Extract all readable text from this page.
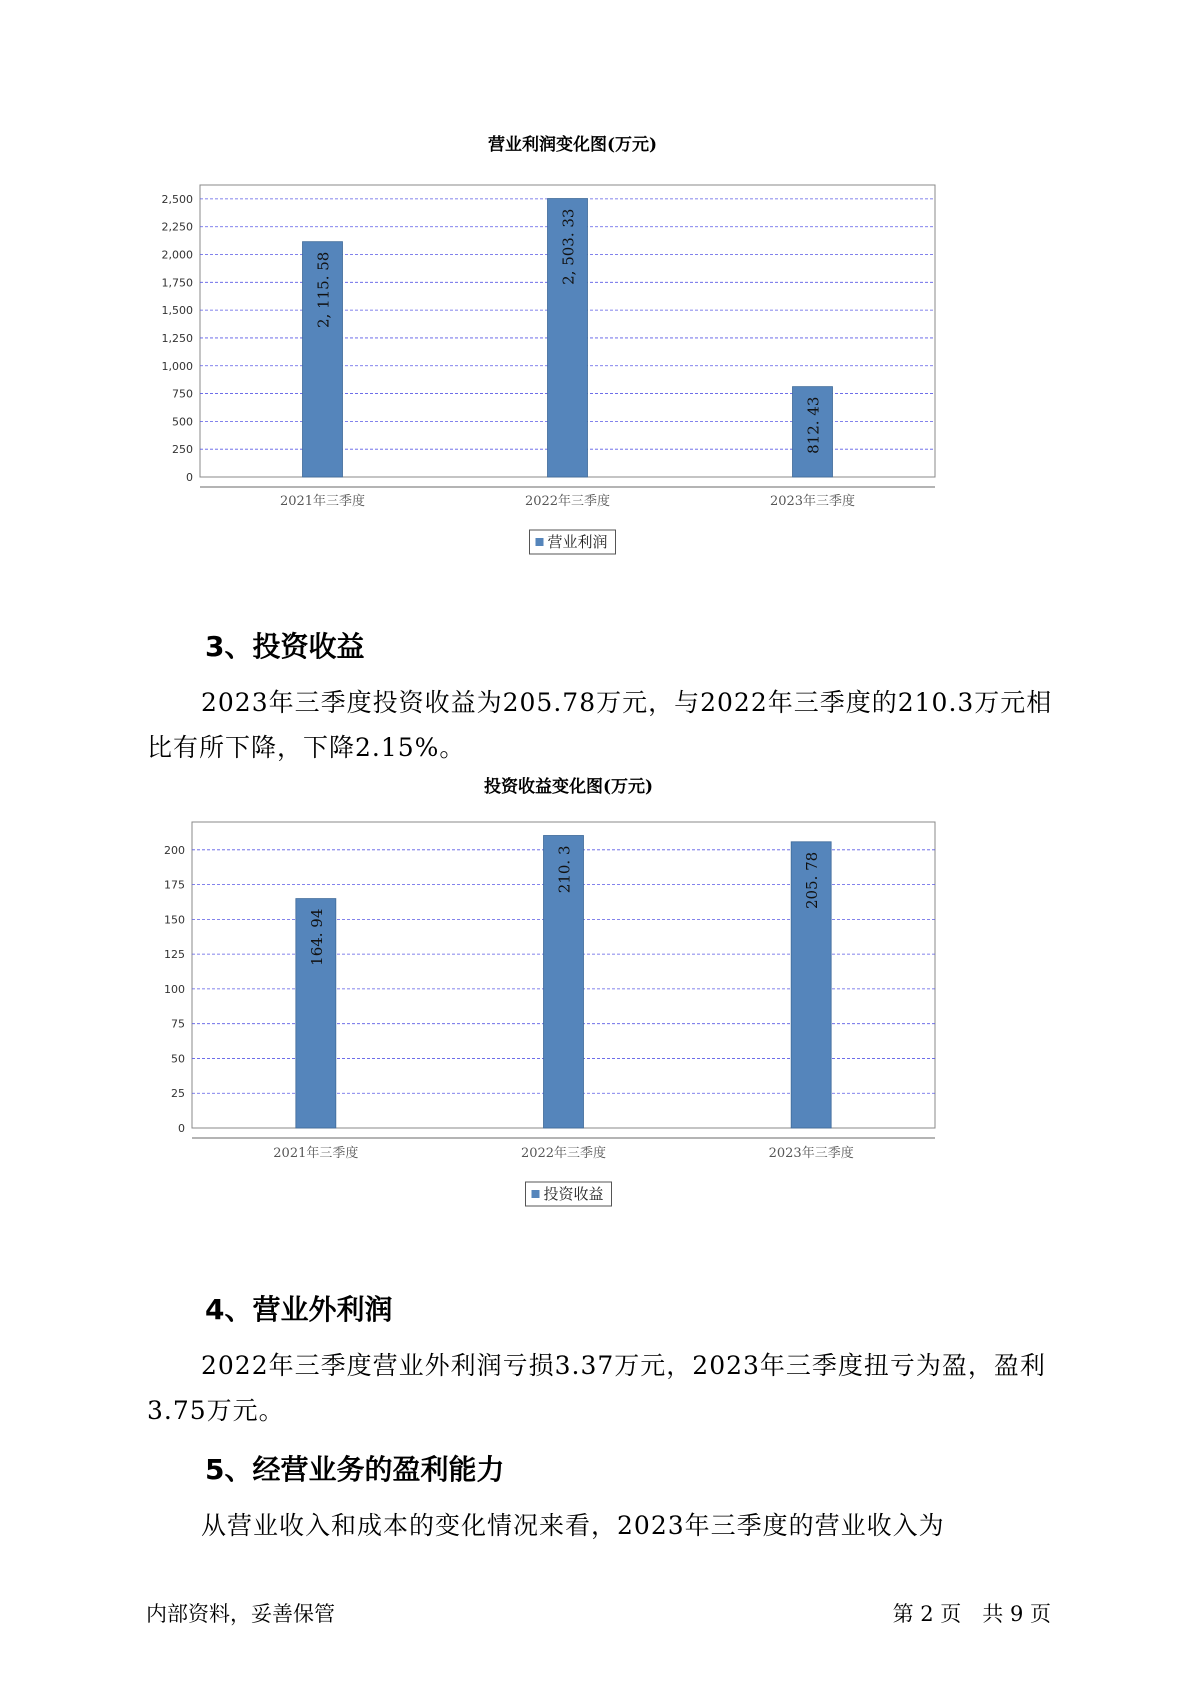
营业利润变化图(万元)
0
250
500
750
1,000
1,250
1,500
1,750
2,000
2,250
2,500
2, 115. 58
2021年三季度
2, 503. 33
2022年三季度
812. 43
2023年三季度
营业利润
3、投资收益

2023年三季度投资收益为205.78万元，与2022年三季度的210.3万元相比有所下降，下降2.15%。

投资收益变化图(万元)
0
25
50
75
100
125
150
175
200
164. 94
2021年三季度
210. 3
2022年三季度
205. 78
2023年三季度
投资收益
4、营业外利润

2022年三季度营业外利润亏损3.37万元，2023年三季度扭亏为盈，盈利3.75万元。

5、经营业务的盈利能力

从营业收入和成本的变化情况来看，2023年三季度的营业收入为

内部资料，妥善保管	第 2 页　共 9 页
